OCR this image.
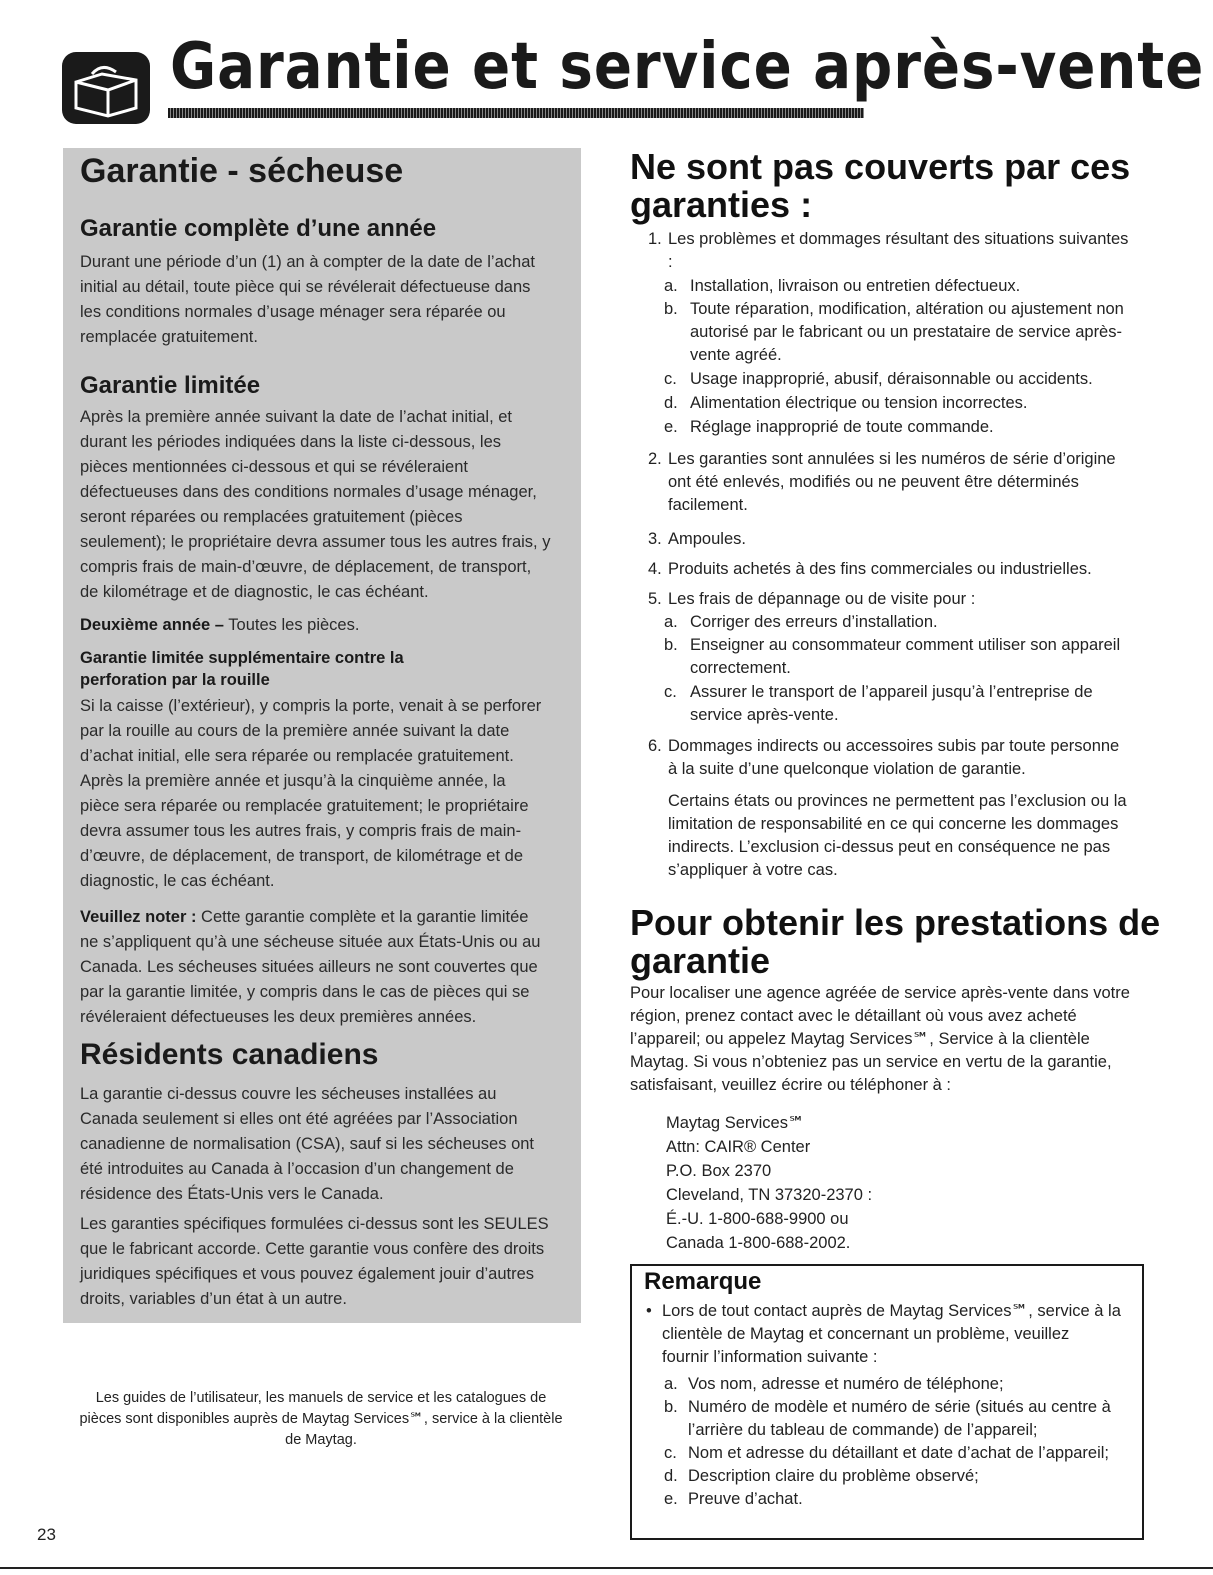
Garantie et service après-vente
Garantie - sécheuse
Garantie complète d’une année
Durant une période d’un (1) an à compter de la date de l’achat
initial au détail, toute pièce qui se révélerait défectueuse dans
les conditions normales d’usage ménager sera réparée ou
remplacée gratuitement.
Garantie limitée
Après la première année suivant la date de l’achat initial, et
durant les périodes indiquées dans la liste ci-dessous, les
pièces mentionnées ci-dessous et qui se révéleraient
défectueuses dans des conditions normales d’usage ménager,
seront réparées ou remplacées gratuitement (pièces
seulement); le propriétaire devra assumer tous les autres frais, y
compris frais de main-d’œuvre, de déplacement, de transport,
de kilométrage et de diagnostic, le cas échéant.
Deuxième année – Toutes les pièces.
Garantie limitée supplémentaire contre la
perforation par la rouille
Si la caisse (l’extérieur), y compris la porte, venait à se perforer
par la rouille au cours de la première année suivant la date
d’achat initial, elle sera réparée ou remplacée gratuitement.
Après la première année et jusqu’à la cinquième année, la
pièce sera réparée ou remplacée gratuitement; le propriétaire
devra assumer tous les autres frais, y compris frais de main-
d’œuvre, de déplacement, de transport, de kilométrage et de
diagnostic, le cas échéant.
Veuillez noter : Cette garantie complète et la garantie limitée
ne s’appliquent qu’à une sécheuse située aux États-Unis ou au
Canada. Les sécheuses situées ailleurs ne sont couvertes que
par la garantie limitée, y compris dans le cas de pièces qui se
révéleraient défectueuses les deux premières années.
Résidents canadiens
La garantie ci-dessus couvre les sécheuses installées au
Canada seulement si elles ont été agréées par l’Association
canadienne de normalisation (CSA), sauf si les sécheuses ont
été introduites au Canada à l’occasion d’un changement de
résidence des États-Unis vers le Canada.
Les garanties spécifiques formulées ci-dessus sont les SEULES
que le fabricant accorde. Cette garantie vous confère des droits
juridiques spécifiques et vous pouvez également jouir d’autres
droits, variables d’un état à un autre.
Les guides de l’utilisateur, les manuels de service et les catalogues de
pièces sont disponibles auprès de Maytag Services℠, service à la clientèle
de Maytag.
23
Ne sont pas couverts par ces
garanties :
1. Les problèmes et dommages résultant des situations suivantes
:
a. Installation, livraison ou entretien défectueux.
b. Toute réparation, modification, altération ou ajustement non
autorisé par le fabricant ou un prestataire de service après-
vente agréé.
c. Usage inapproprié, abusif, déraisonnable ou accidents.
d. Alimentation électrique ou tension incorrectes.
e. Réglage inapproprié de toute commande.
2. Les garanties sont annulées si les numéros de série d’origine
ont été enlevés, modifiés ou ne peuvent être déterminés
facilement.
3. Ampoules.
4. Produits achetés à des fins commerciales ou industrielles.
5. Les frais de dépannage ou de visite pour :
a. Corriger des erreurs d’installation.
b. Enseigner au consommateur comment utiliser son appareil
correctement.
c. Assurer le transport de l’appareil jusqu’à l’entreprise de
service après-vente.
6. Dommages indirects ou accessoires subis par toute personne
à la suite d’une quelconque violation de garantie.
Certains états ou provinces ne permettent pas l’exclusion ou la
limitation de responsabilité en ce qui concerne les dommages
indirects. L’exclusion ci-dessus peut en conséquence ne pas
s’appliquer à votre cas.
Pour obtenir les prestations de
garantie
Pour localiser une agence agréée de service après-vente dans votre
région, prenez contact avec le détaillant où vous avez acheté
l’appareil; ou appelez Maytag Services℠, Service à la clientèle
Maytag. Si vous n’obteniez pas un service en vertu de la garantie,
satisfaisant, veuillez écrire ou téléphoner à :
Maytag Services℠
Attn: CAIR® Center
P.O. Box 2370
Cleveland, TN 37320-2370 :
É.-U. 1-800-688-9900 ou
Canada 1-800-688-2002.
Remarque
• Lors de tout contact auprès de Maytag Services℠, service à la
clientèle de Maytag et concernant un problème, veuillez
fournir l’information suivante :
a. Vos nom, adresse et numéro de téléphone;
b. Numéro de modèle et numéro de série (situés au centre à
l’arrière du tableau de commande) de l’appareil;
c. Nom et adresse du détaillant et date d’achat de l’appareil;
d. Description claire du problème observé;
e. Preuve d’achat.
